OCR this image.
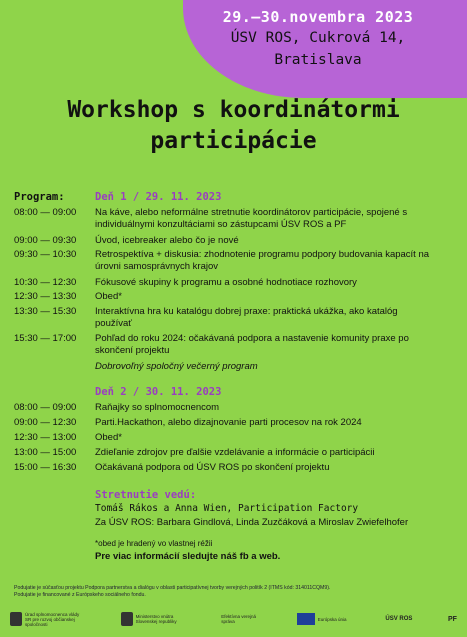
29.–30.novembra 2023
ÚSV ROS, Cukrová 14,
Bratislava
Workshop s koordinátormi
participácie
Program:	Deň 1 / 29. 11. 2023
08:00 — 09:00	Na káve, alebo neformálne stretnutie koordinátorov participácie, spojené s individuálnymi konzultáciami so zástupcami ÚSV ROS a PF
09:00 — 09:30	Úvod, icebreaker alebo čo je nové
09:30 — 10:30	Retrospektíva + diskusia: zhodnotenie programu podpory budovania kapacít na úrovni samosprávnych krajov
10:30 — 12:30	Fókusové skupiny k programu a osobné hodnotiace rozhovory
12:30 — 13:30	Obed*
13:30 — 15:30	Interaktívna hra ku katalógu dobrej praxe: praktická ukážka, ako katalóg používať
15:30 — 17:00	Pohľad do roku 2024: očakávaná podpora a nastavenie komunity praxe po skončení projektu
Dobrovoľný spoločný večerný program
Deň 2 / 30. 11. 2023
08:00 — 09:00	Raňajky so splnomocnencom
09:00 — 12:30	Parti.Hackathon, alebo dizajnovanie parti procesov na rok 2024
12:30 — 13:00	Obed*
13:00 — 15:00	Zdieľanie zdrojov pre ďalšie vzdelávanie a informácie o participácii
15:00 — 16:30	Očakávaná podpora od ÚSV ROS po skončení projektu
Stretnutie vedú:
Tomáš Rákos a Anna Wien, Participation Factory
Za ÚSV ROS: Barbara Gindlová, Linda Zuzčáková a Miroslav Zwiefelhofer
*obed je hradený vo vlastnej réžii
Pre viac informácií sledujte náš fb a web.
Podujatie je súčasťou projektu Podpora partnerstva a dialógu v oblasti participatívnej tvorby verejných politík 2 (ITMS kód: 314011CQM9).
Podujatie je financované z Európskeho sociálneho fondu.
Úrad splnomocnenca vlády SR pre rozvoj občianskej spoločnosti
Ministerstvo vnútra Slovenskej republiky
Efektívna verejná správa	Európska únia	ÚSV ROS	PF
